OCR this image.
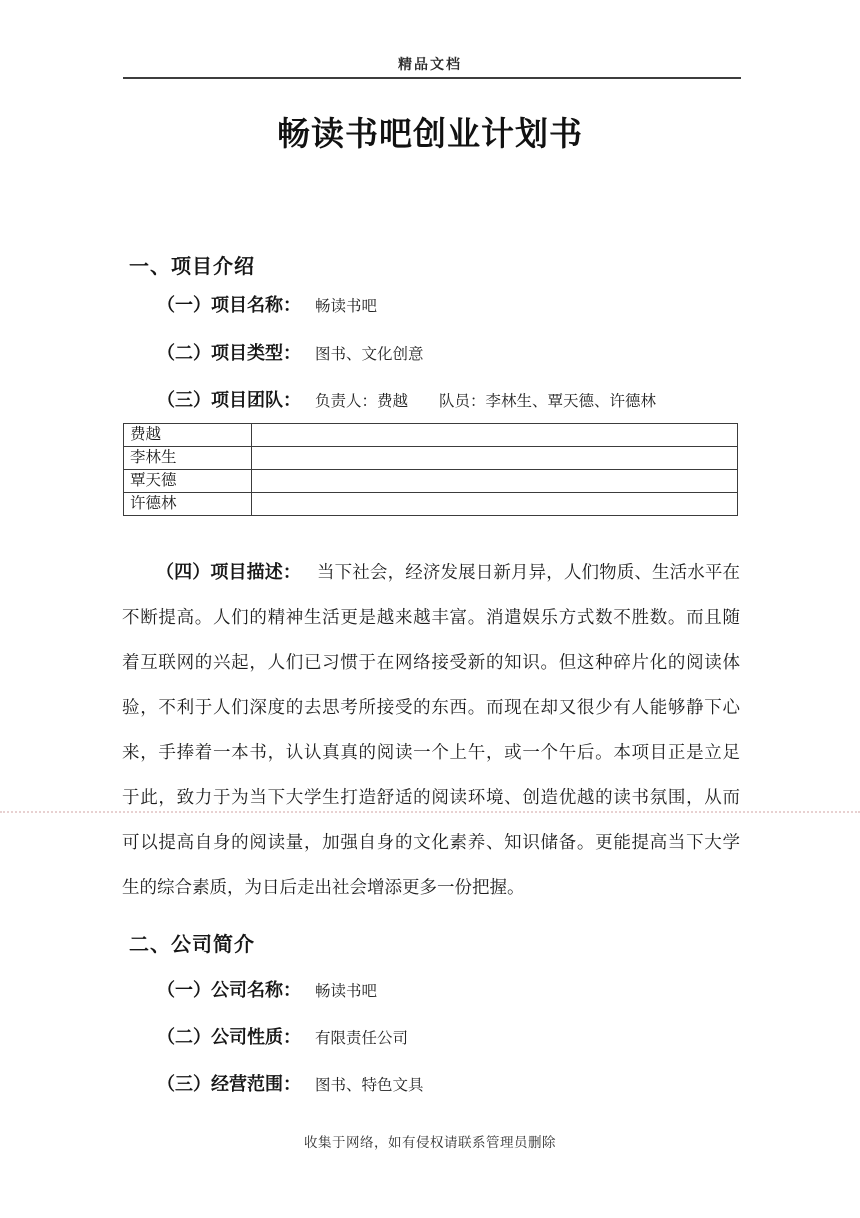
精品文档
畅读书吧创业计划书
一、项目介绍
（一）项目名称： 畅读书吧
（二）项目类型： 图书、文化创意
（三）项目团队： 负责人：费越　　队员：李林生、覃天德、许德林
费越	
李林生	
覃天德	
许德林	
（四）项目描述： 当下社会，经济发展日新月异，人们物质、生活水平在
不断提高。人们的精神生活更是越来越丰富。消遣娱乐方式数不胜数。而且随
着互联网的兴起，人们已习惯于在网络接受新的知识。但这种碎片化的阅读体
验，不利于人们深度的去思考所接受的东西。而现在却又很少有人能够静下心
来，手捧着一本书，认认真真的阅读一个上午，或一个午后。本项目正是立足
于此，致力于为当下大学生打造舒适的阅读环境、创造优越的读书氛围，从而
可以提高自身的阅读量，加强自身的文化素养、知识储备。更能提高当下大学
生的综合素质，为日后走出社会增添更多一份把握。
二、公司简介
（一）公司名称： 畅读书吧
（二）公司性质： 有限责任公司
（三）经营范围： 图书、特色文具
收集于网络，如有侵权请联系管理员删除
